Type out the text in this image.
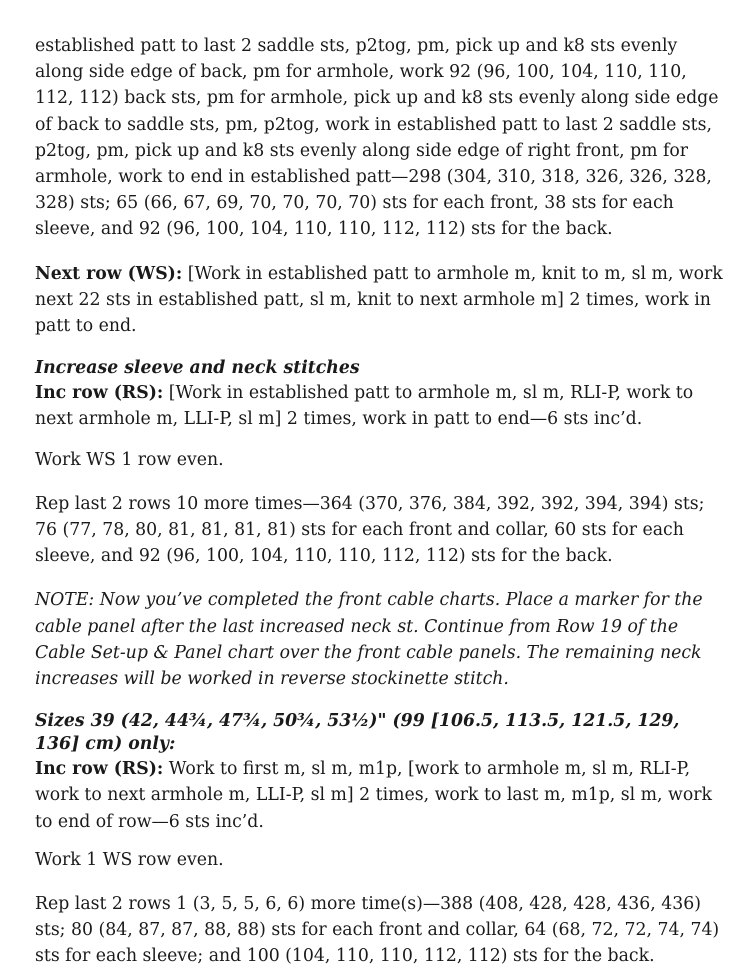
established patt to last 2 saddle sts, p2tog, pm, pick up and k8 sts evenly along side edge of back, pm for armhole, work 92 (96, 100, 104, 110, 110, 112, 112) back sts, pm for armhole, pick up and k8 sts evenly along side edge of back to saddle sts, pm, p2tog, work in established patt to last 2 saddle sts, p2tog, pm, pick up and k8 sts evenly along side edge of right front, pm for armhole, work to end in established patt—298 (304, 310, 318, 326, 326, 328, 328) sts; 65 (66, 67, 69, 70, 70, 70, 70) sts for each front, 38 sts for each sleeve, and 92 (96, 100, 104, 110, 110, 112, 112) sts for the back.

Next row (WS): [Work in established patt to armhole m, knit to m, sl m, work next 22 sts in established patt, sl m, knit to next armhole m] 2 times, work in patt to end.

Increase sleeve and neck stitches

Inc row (RS): [Work in established patt to armhole m, sl m, RLI-P, work to next armhole m, LLI-P, sl m] 2 times, work in patt to end—6 sts inc’d.

Work WS 1 row even.

Rep last 2 rows 10 more times—364 (370, 376, 384, 392, 392, 394, 394) sts; 76 (77, 78, 80, 81, 81, 81, 81) sts for each front and collar, 60 sts for each sleeve, and 92 (96, 100, 104, 110, 110, 112, 112) sts for the back.

NOTE: Now you’ve completed the front cable charts. Place a marker for the cable panel after the last increased neck st. Continue from Row 19 of the Cable Set-up & Panel chart over the front cable panels. The remaining neck increases will be worked in reverse stockinette stitch.

Sizes 39 (42, 44¾, 47¾, 50¾, 53½)" (99 [106.5, 113.5, 121.5, 129, 136] cm) only:

Inc row (RS): Work to first m, sl m, m1p, [work to armhole m, sl m, RLI-P, work to next armhole m, LLI-P, sl m] 2 times, work to last m, m1p, sl m, work to end of row—6 sts inc’d.

Work 1 WS row even.

Rep last 2 rows 1 (3, 5, 5, 6, 6) more time(s)—388 (408, 428, 428, 436, 436) sts; 80 (84, 87, 87, 88, 88) sts for each front and collar, 64 (68, 72, 72, 74, 74) sts for each sleeve; and 100 (104, 110, 110, 112, 112) sts for the back.
